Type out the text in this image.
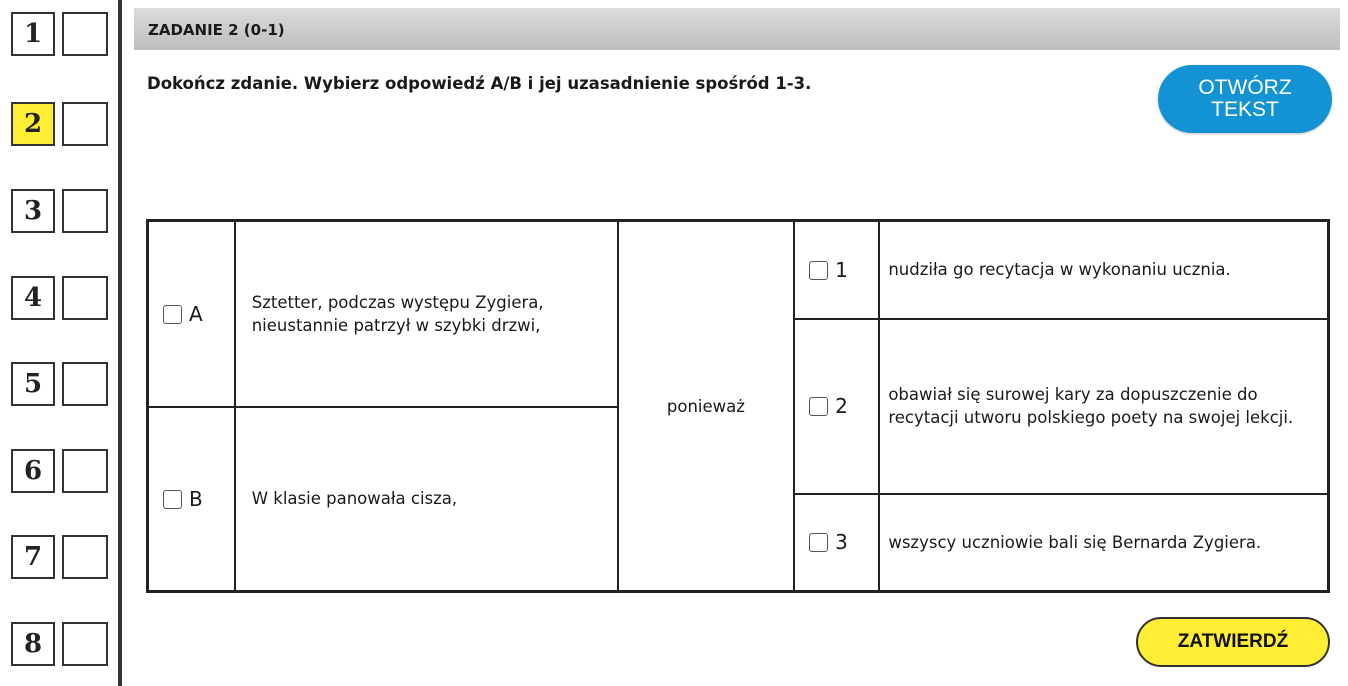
1
2
3
4
5
6
7
8
ZADANIE 2 (0-1)
Dokończ zdanie. Wybierz odpowiedź A/B i jej uzasadnienie spośród 1-3.	OTWÓRZ
TEKST
A	Sztetter, podczas występu Zygiera, nieustannie patrzył w szybki drzwi,	ponieważ	1	nudziła go recytacja w wykonaniu ucznia.
			2	obawiał się surowej kary za dopuszczenie do recytacji utworu polskiego poety na swojej lekcji.
B	W klasie panowała cisza,			

			3	wszyscy uczniowie bali się Bernarda Zygiera.
ZATWIERDŹ
